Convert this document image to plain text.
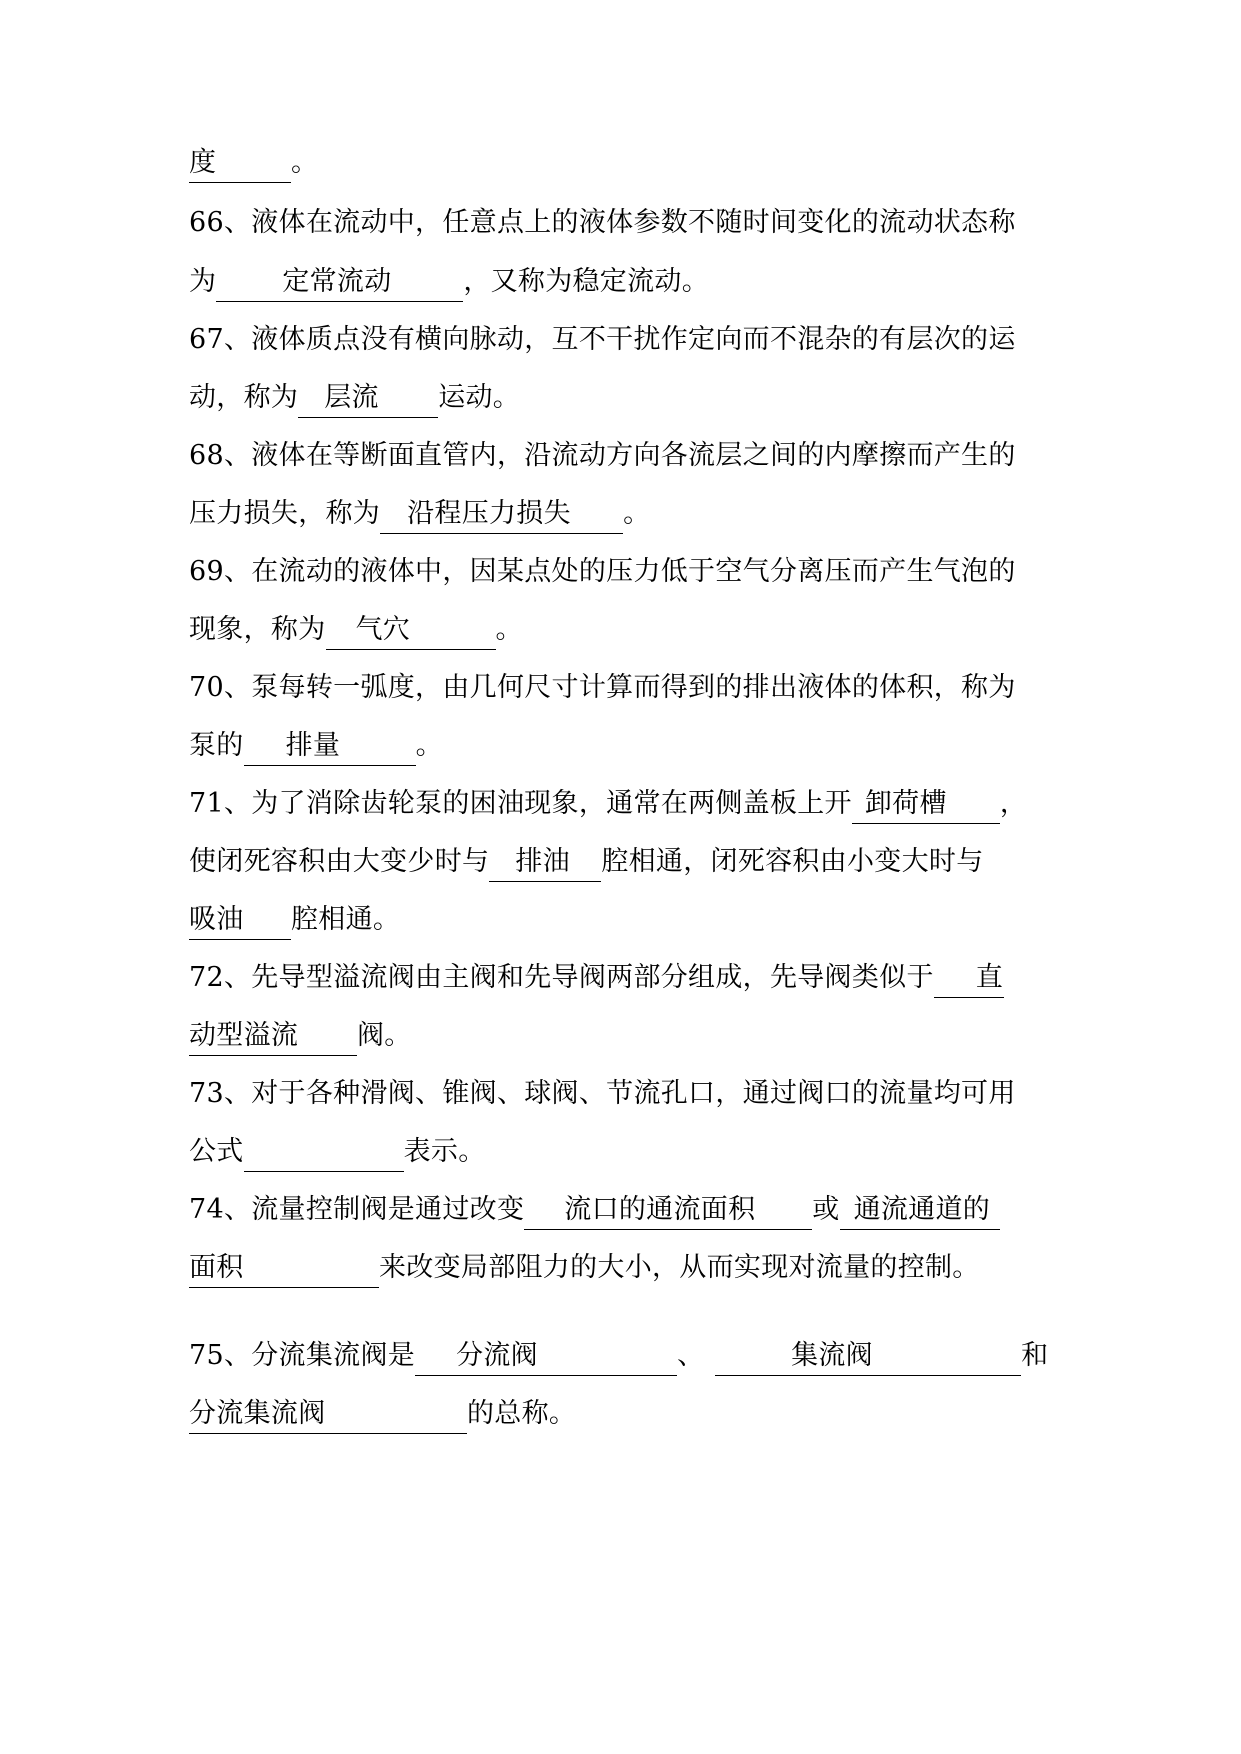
度	。
66、液体在流动中，任意点上的液体参数不随时间变化的流动状态称
为 定常流动	，又称为稳定流动。
67、液体质点没有横向脉动，互不干扰作定向而不混杂的有层次的运
动，称为 层流 运动。
68、液体在等断面直管内，沿流动方向各流层之间的内摩擦而产生的
压力损失，称为 沿程压力损失 。
69、在流动的液体中，因某点处的压力低于空气分离压而产生气泡的
现象，称为 气穴	。
70、泵每转一弧度，由几何尺寸计算而得到的排出液体的体积，称为
泵的 排量	。
71、为了消除齿轮泵的困油现象，通常在两侧盖板上开 卸荷槽 ，
使闭死容积由大变少时与 排油 腔相通，闭死容积由小变大时与
吸油 腔相通。
72、先导型溢流阀由主阀和先导阀两部分组成，先导阀类似于 直
动型溢流 阀。
73、对于各种滑阀、锥阀、球阀、节流孔口，通过阀口的流量均可用
公式	表示。
74、流量控制阀是通过改变 流口的通流面积 或 通流通道的
面积	来改变局部阻力的大小，从而实现对流量的控制。
75、分流集流阀是 分流阀	、	集流阀	和
分流集流阀	的总称。
